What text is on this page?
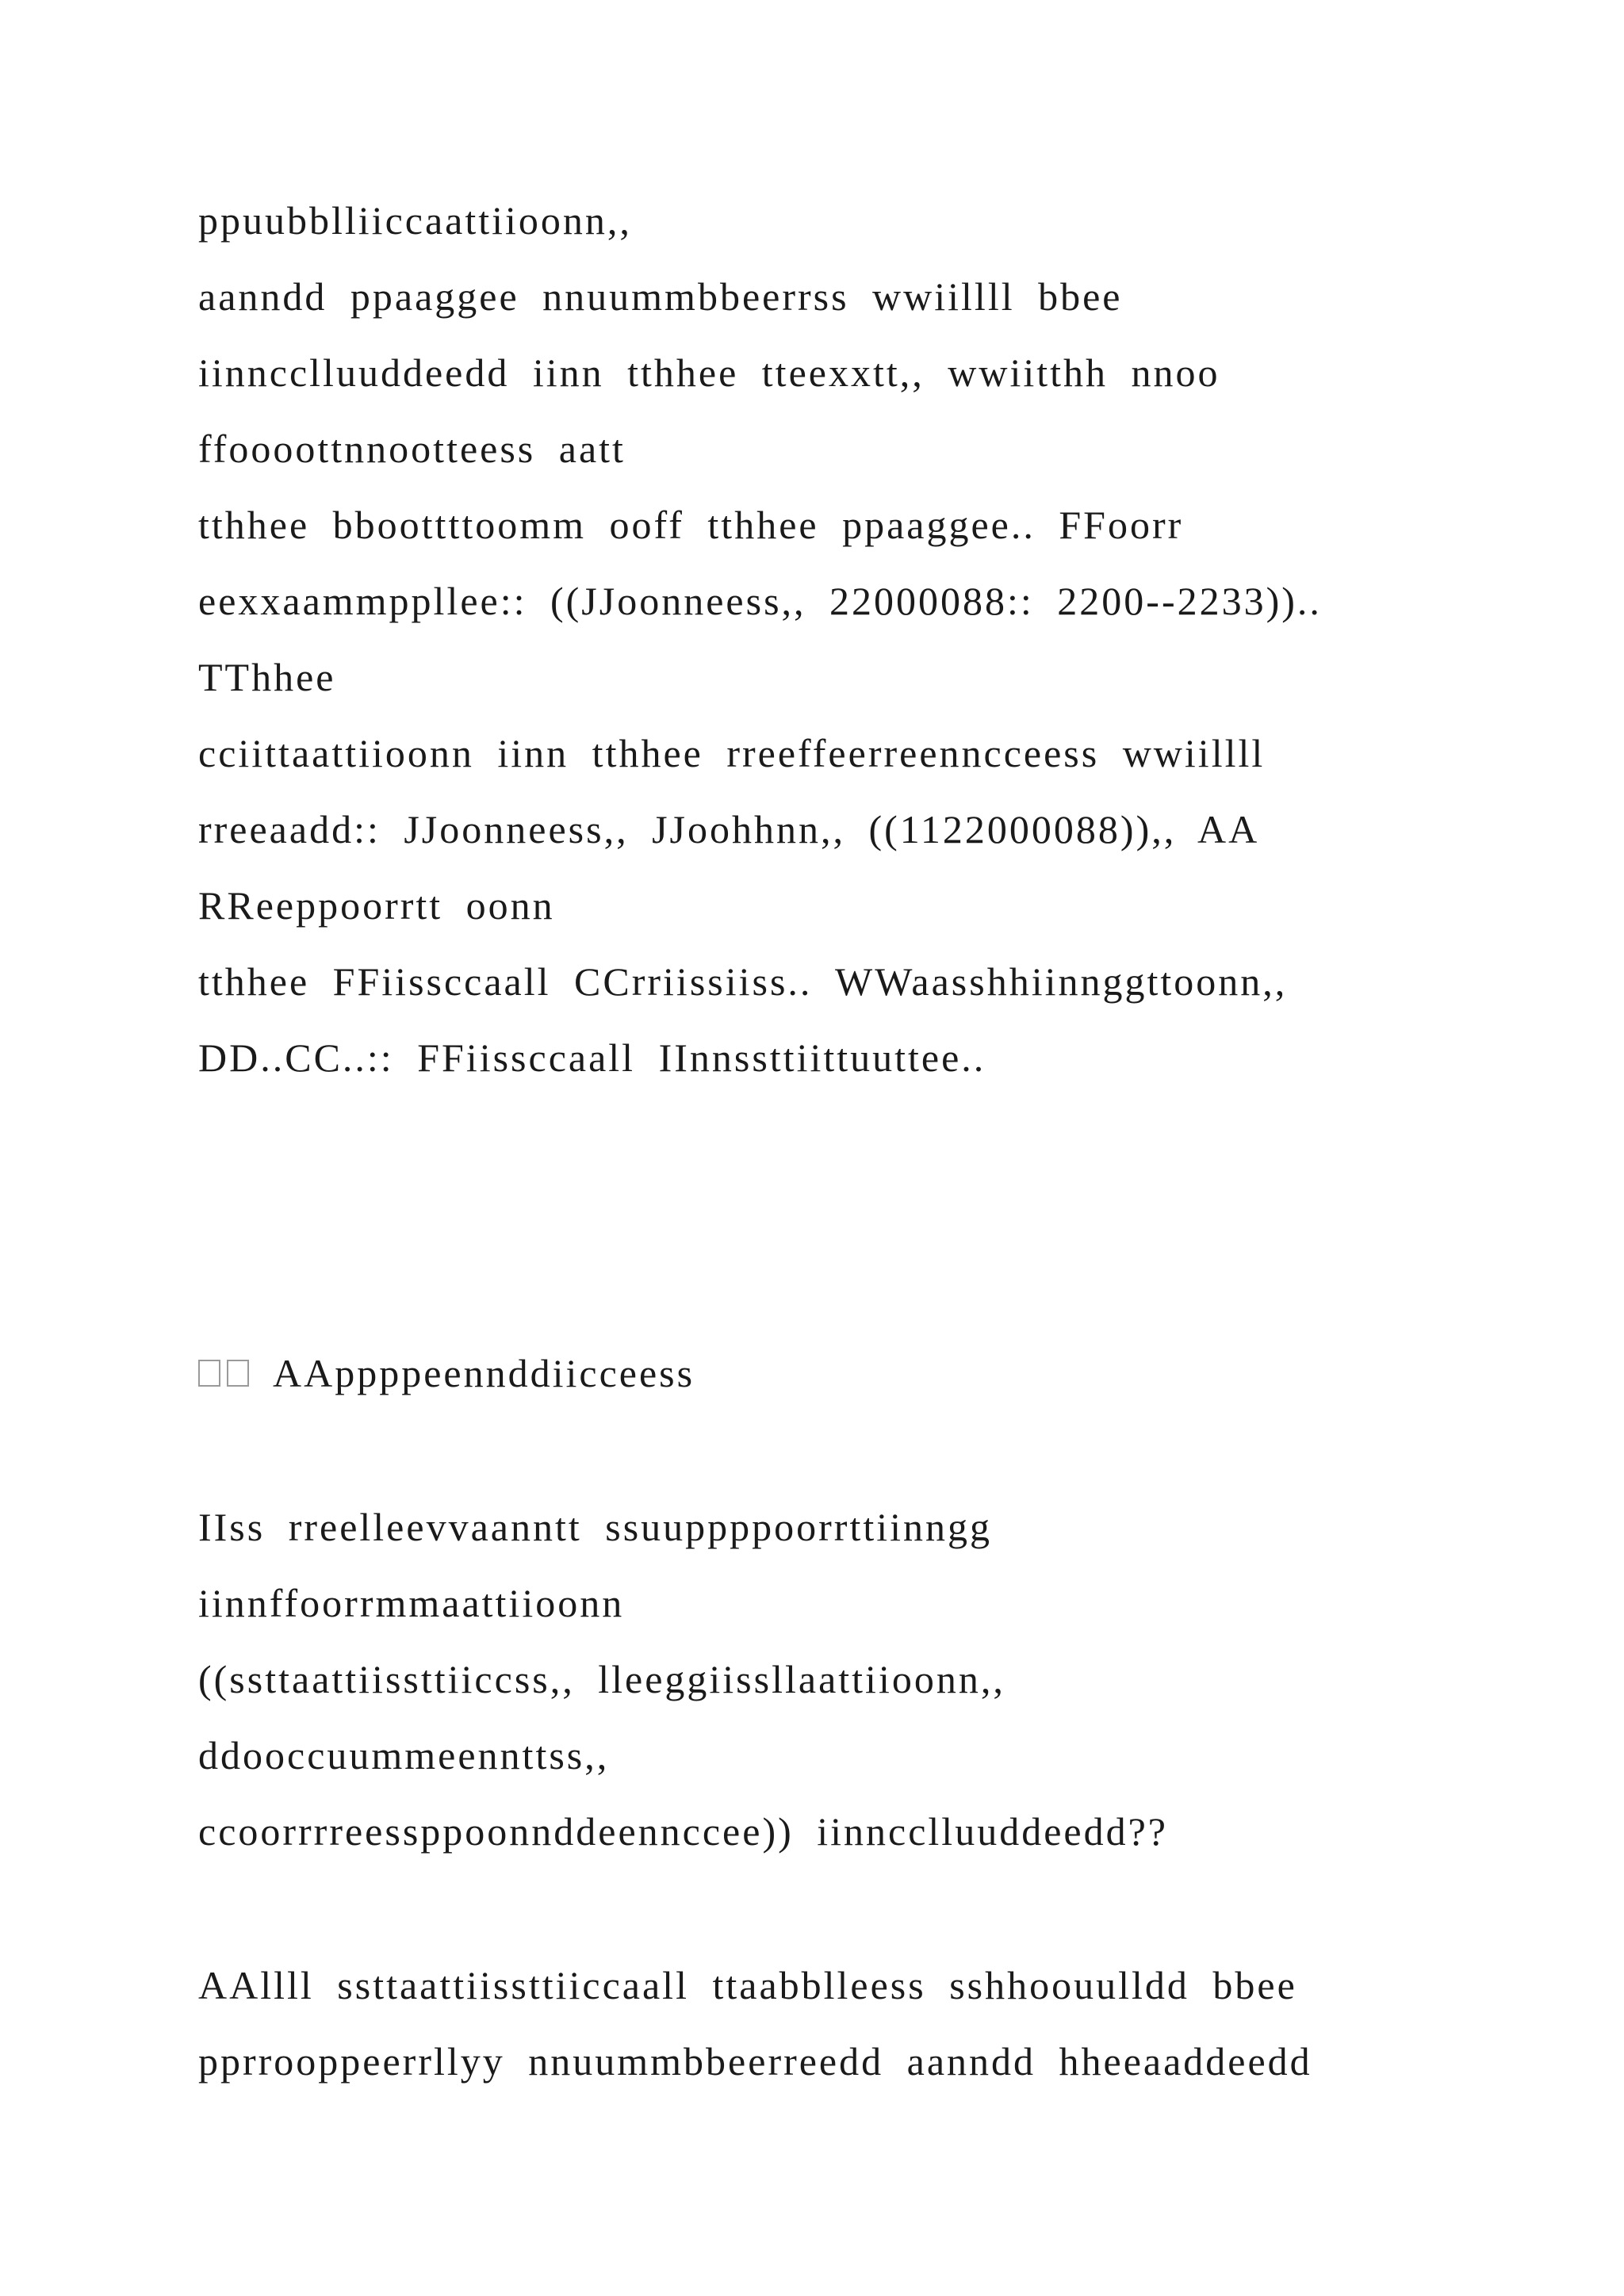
ppuubblliiccaattiioonn,,
aanndd ppaaggee nnuummbbeerrss wwiillll bbee
iinncclluuddeedd iinn tthhee tteexxtt,, wwiitthh nnoo
ffoooottnnootteess aatt
tthhee bboottttoomm ooff tthhee ppaaggee.. FFoorr
eexxaammppllee:: ((JJoonneess,, 22000088:: 2200--2233))..
TThhee
cciittaattiioonn iinn tthhee rreeffeerreenncceess wwiillll
rreeaadd:: JJoonneess,, JJoohhnn,, ((1122000088)),, AA
RReeppoorrtt oonn
tthhee FFiissccaall CCrriissiiss.. WWaasshhiinnggttoonn,,
DD..CC..:: FFiissccaall IInnssttiittuuttee..
AAppppeennddiicceess
IIss rreelleevvaanntt ssuuppppoorrttiinngg
iinnffoorrmmaattiioonn
((ssttaattiissttiiccss,, lleeggiissllaattiioonn,,
ddooccuummeennttss,,
ccoorrrreessppoonnddeennccee)) iinncclluuddeedd??
AAllll ssttaattiissttiiccaall ttaabblleess sshhoouulldd bbee
pprrooppeerrllyy nnuummbbeerreedd aanndd hheeaaddeedd
